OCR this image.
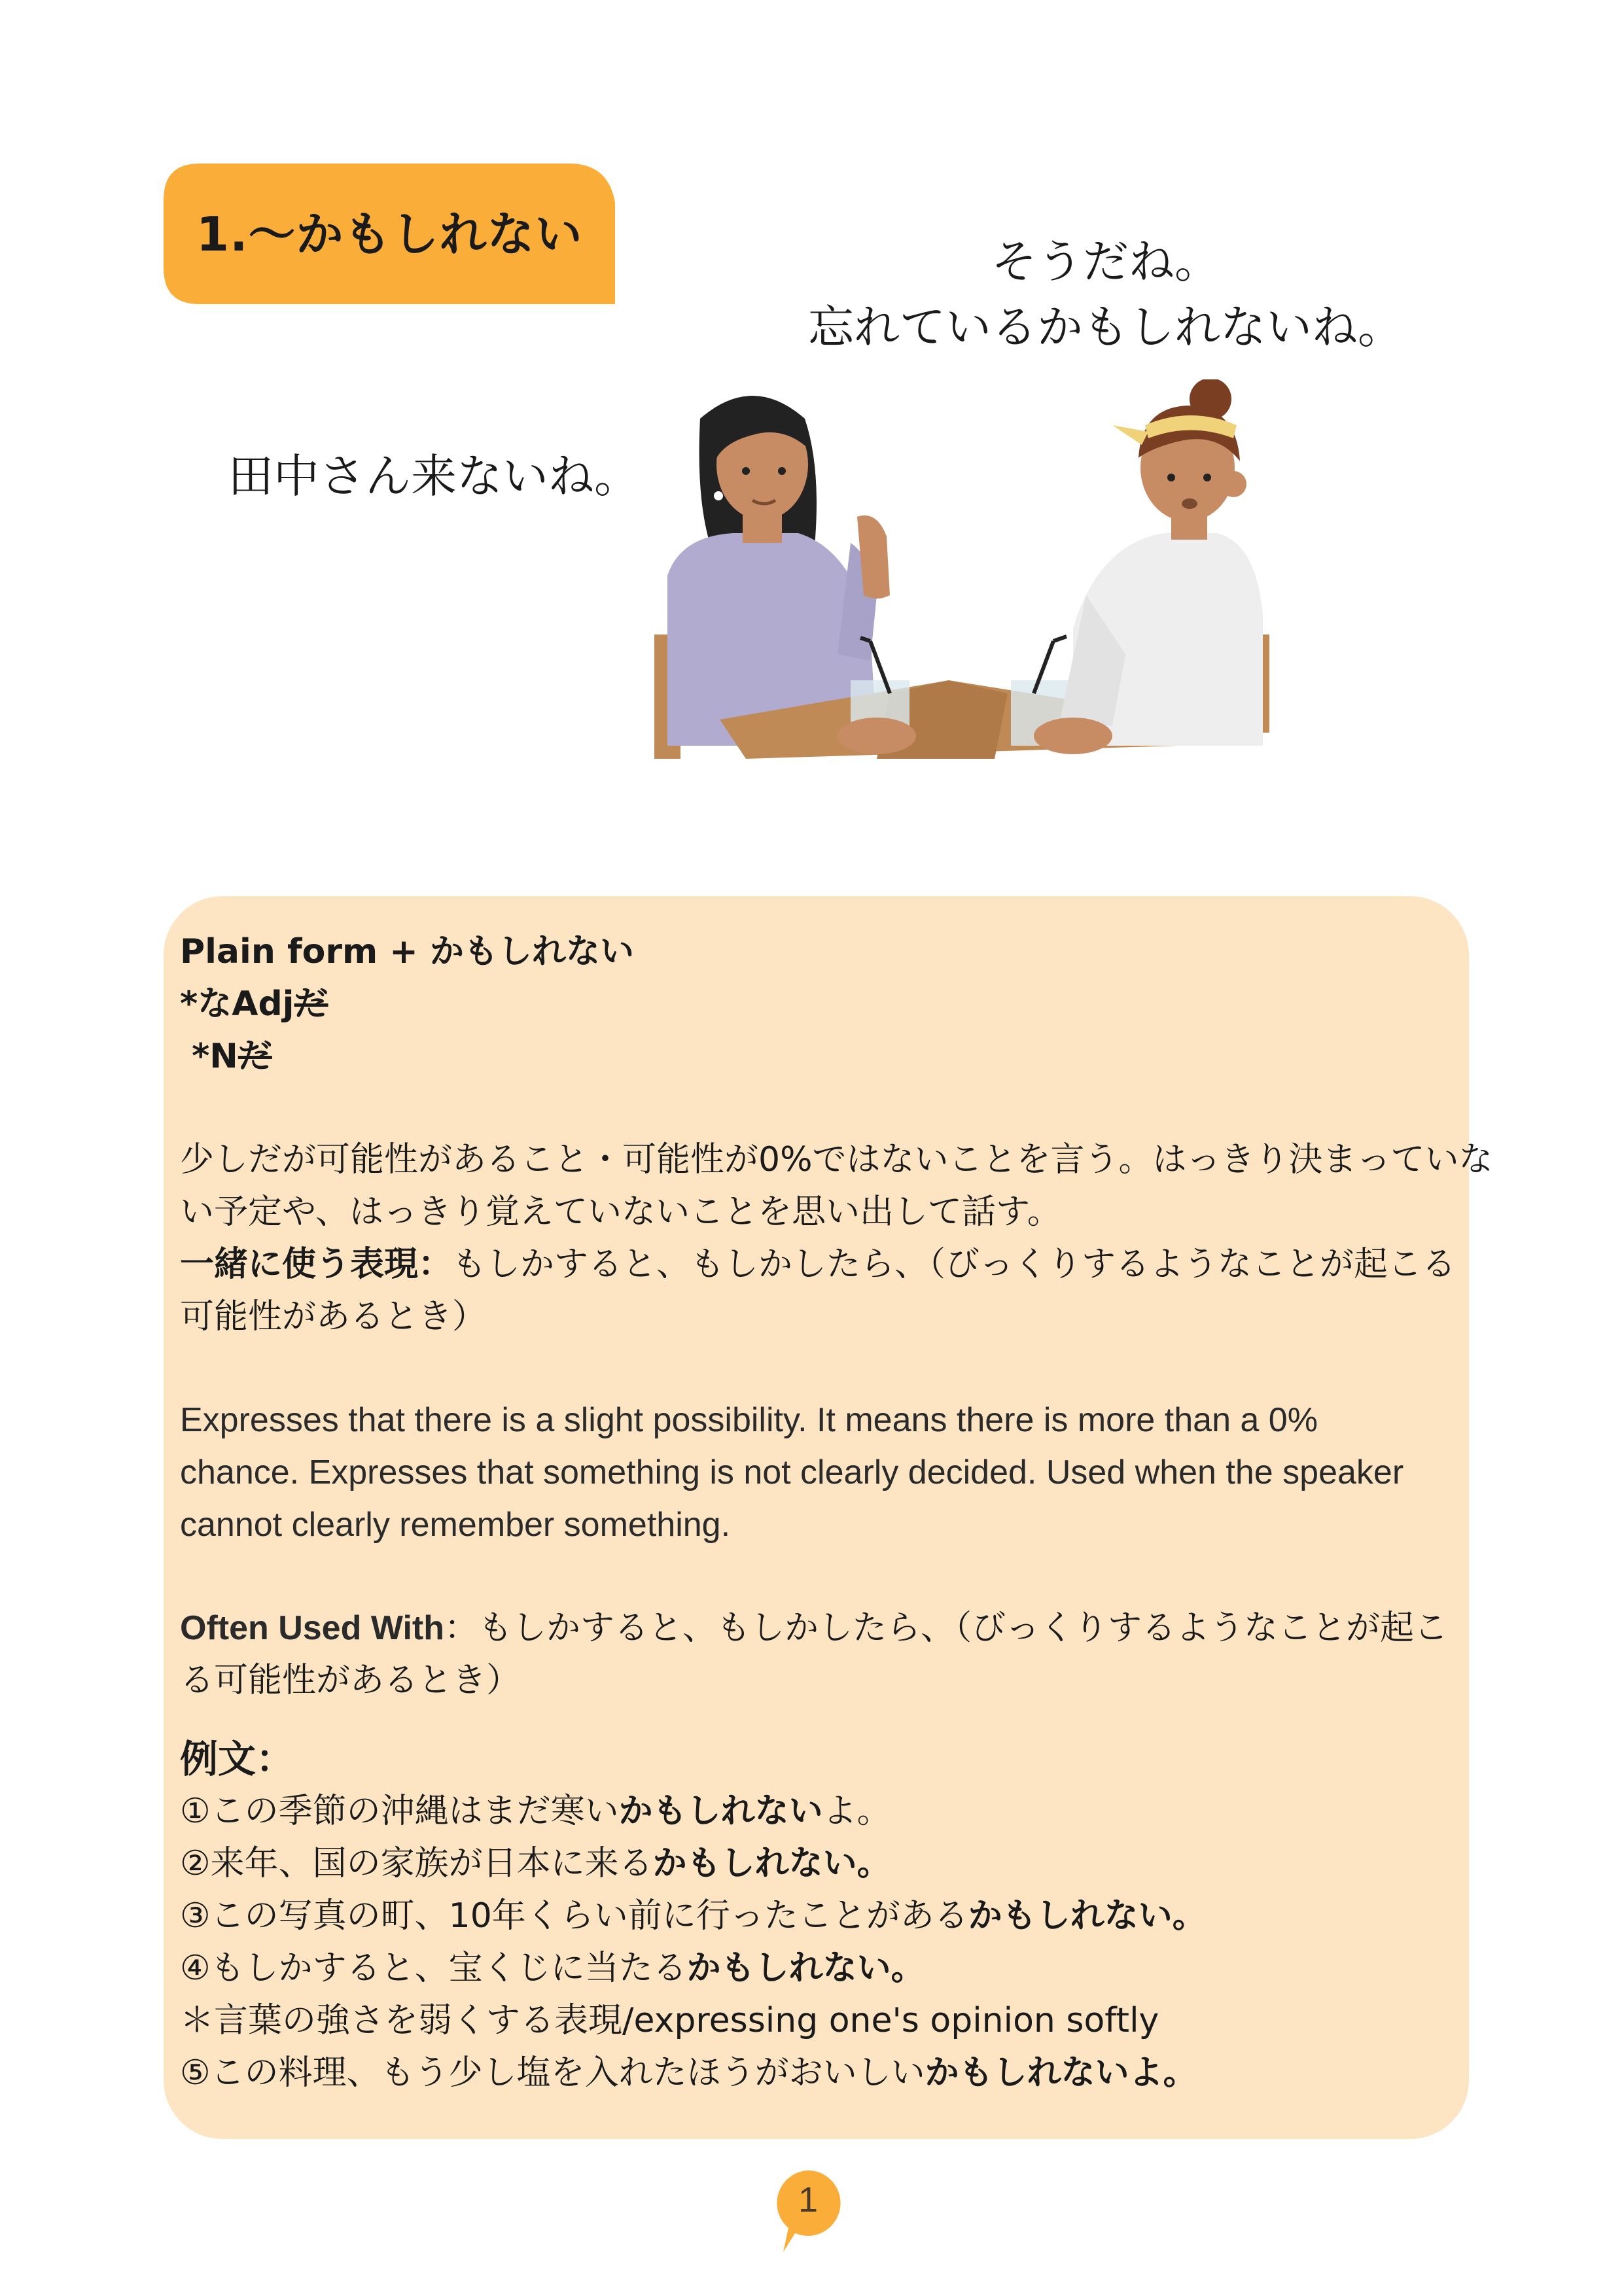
1.〜かもしれない	そうだね。
忘れているかもしれないね。
田中さん来ないね。
Plain form + かもしれない
*なAdjだ
*Nだ
少しだが可能性があること・可能性が0%ではないことを言う。はっきり決まっていな
い予定や、はっきり覚えていないことを思い出して話す。
一緒に使う表現：もしかすると、もしかしたら、（びっくりするようなことが起こる
可能性があるとき）
Expresses that there is a slight possibility. It means there is more than a 0%
chance. Expresses that something is not clearly decided. Used when the speaker
cannot clearly remember something.
Often Used With：もしかすると、もしかしたら、（びっくりするようなことが起こ
る可能性があるとき）
例文：
①この季節の沖縄はまだ寒いかもしれないよ。
②来年、国の家族が日本に来るかもしれない。
③この写真の町、10年くらい前に行ったことがあるかもしれない。
④もしかすると、宝くじに当たるかもしれない。
＊言葉の強さを弱くする表現/expressing one's opinion softly
⑤この料理、もう少し塩を入れたほうがおいしいかもしれないよ。
1
